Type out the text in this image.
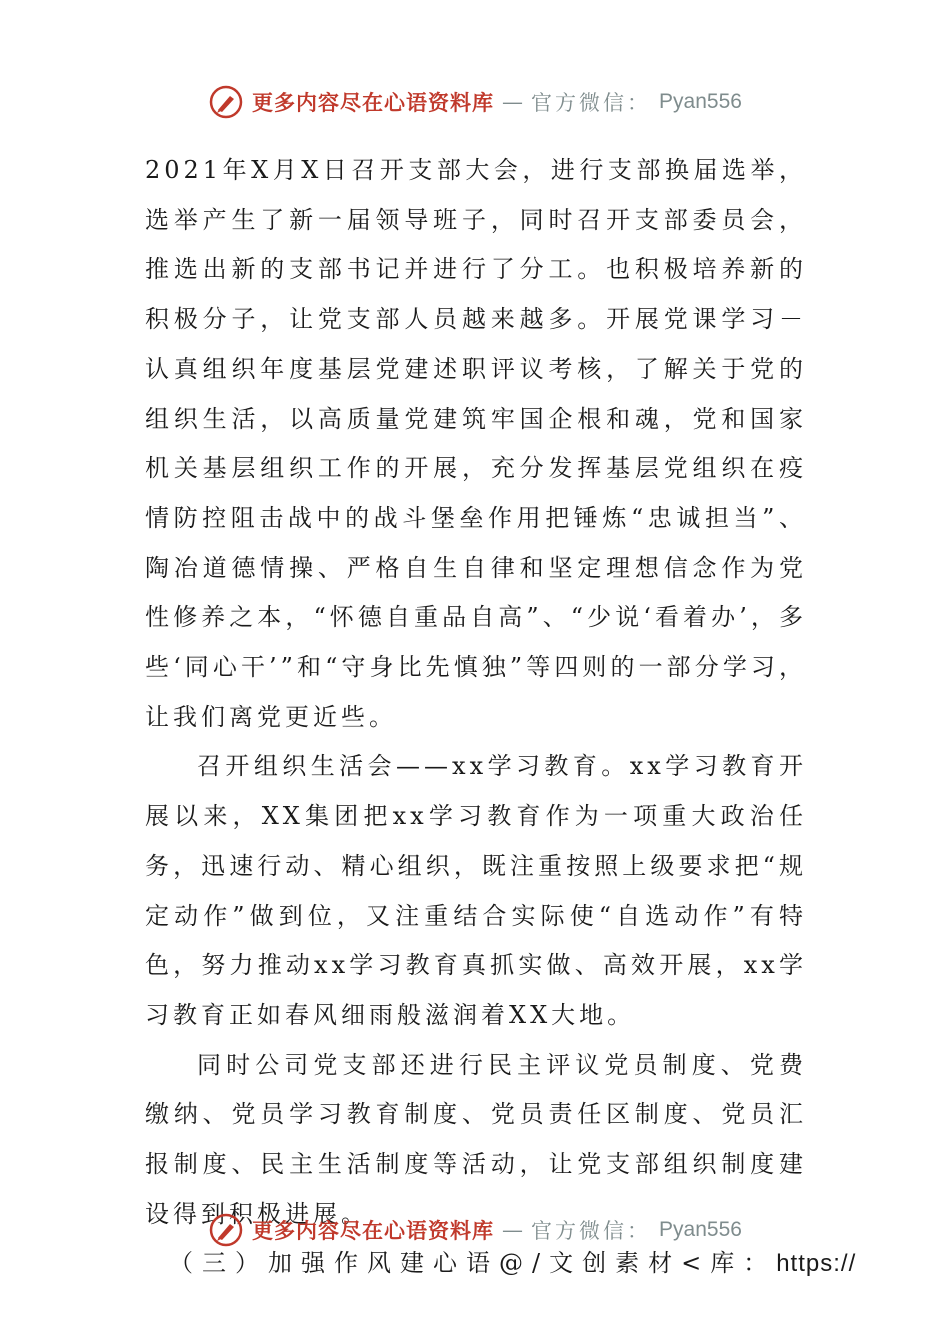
更多内容尽在心语资料库 — 官方微信： Pyan556

2021年X月X日召开支部大会，进行支部换届选举，选举产生了新一届领导班子，同时召开支部委员会，推选出新的支部书记并进行了分工。也积极培养新的积极分子，让党支部人员越来越多。开展党课学习－认真组织年度基层党建述职评议考核，了解关于党的组织生活，以高质量党建筑牢国企根和魂，党和国家机关基层组织工作的开展，充分发挥基层党组织在疫情防控阻击战中的战斗堡垒作用把锤炼“忠诚担当”、陶冶道德情操、严格自生自律和坚定理想信念作为党性修养之本，“怀德自重品自高”、“少说‘看着办’，多些‘同心干’”和“守身比先慎独”等四则的一部分学习，让我们离党更近些。

召开组织生活会——xx学习教育。xx学习教育开展以来，XX集团把xx学习教育作为一项重大政治任务，迅速行动、精心组织，既注重按照上级要求把“规定动作”做到位，又注重结合实际使“自选动作”有特色，努力推动xx学习教育真抓实做、高效开展，xx学习教育正如春风细雨般滋润着XX大地。

同时公司党支部还进行民主评议党员制度、党费缴纳、党员学习教育制度、党员责任区制度、党员汇报制度、民主生活制度等活动，让党支部组织制度建设得到积极进展。

（三）加强作风建心语@/文创素材<库：https://
更多内容尽在心语资料库 — 官方微信： Pyan556
